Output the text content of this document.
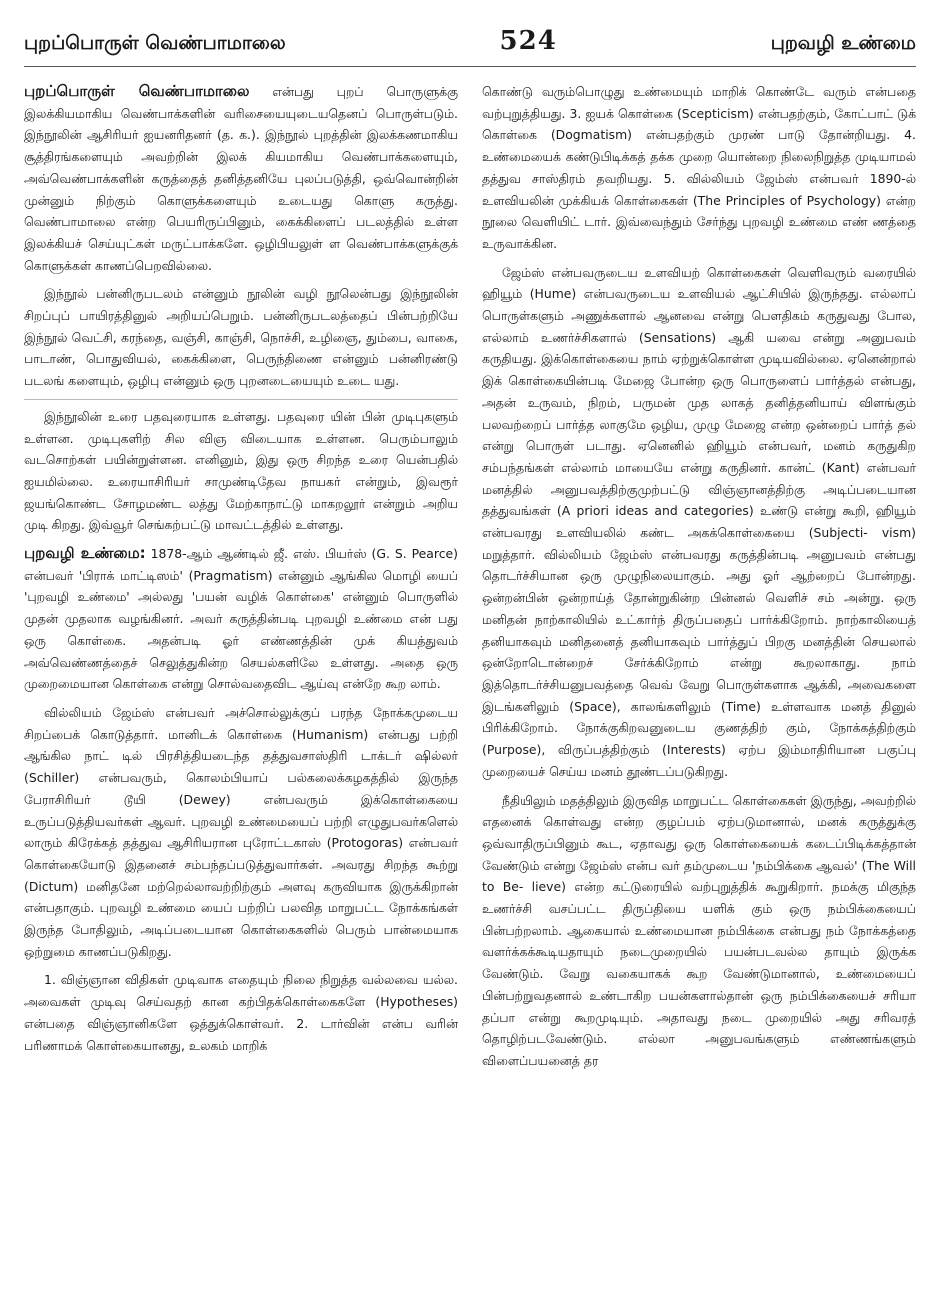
புறப்பொருள் வெண்பாமாலை	524	புறவழி உண்மை

புறப்பொருள் வெண்பாமாலை என்பது புறப் பொருளுக்கு இலக்கியமாகிய வெண்பாக்களின் வரிசையையுடையதெனப் பொருள்படும். இந்நூலின் ஆசிரியர் ஐயனரிதனர் (த. க.). இந்நூல் புறத்தின் இலக்கணமாகிய சூத்திரங்களையும் அவற்றின் இலக் கியமாகிய வெண்பாக்களையும், அவ்வெண்பாக்களின் கருத்தைத் தனித்தனியே புலப்படுத்தி, ஒவ்வொன்றின் முன்னும் நிற்கும் கொளுக்களையும் உடையது கொளு கருத்து. வெண்பாமாலை என்ற பெயரிருப்பினும், கைக்கிளைப் படலத்தில் உள்ள இலக்கியச் செய்யுட்கள் மருட்பாக்களே. ஒழிபியலுள் ள வெண்பாக்களுக்குக் கொளுக்கள் காணப்பெறவில்லை.

இந்நூல் பன்னிருபடலம் என்னும் நூலின் வழி நூலென்பது இந்நூலின் சிறப்புப் பாயிரத்தினுல் அறியப்பெறும். பன்னிருபடலத்தைப் பின்பற்றியே இந்நூல் வெட்சி, கரந்தை, வஞ்சி, காஞ்சி, நொச்சி, உழிஞை, தும்பை, வாகை, பாடாண், பொதுவியல், கைக்கிளை, பெருந்திணை என்னும் பன்னிரண்டு படலங் களையும், ஒழிபு என்னும் ஒரு புறனடையையும் உடை யது.

இந்நூலின் உரை பதவுரையாக உள்ளது. பதவுரை யின் பின் முடிபுகளும் உள்ளன. முடிபுகளிற் சில விஞ விடையாக உள்ளன. பெரும்பாலும் வடசொற்கள் பயின்றுள்ளன. எனினும், இது ஒரு சிறந்த உரை யென்பதில் ஐயமில்லை. உரையாசிரியர் சாமுண்டிதேவ நாயகர் என்றும், இவரூர் ஜயங்கொண்ட சோழமண்ட லத்து மேற்காநாட்டு மாகறலூர் என்றும் அறிய முடி கிறது. இவ்வூர் செங்கற்பட்டு மாவட்டத்தில் உள்ளது.

புறவழி உண்மை: 1878-ஆம் ஆண்டில் ஜீ. எஸ். பியர்ஸ் (G. S. Pearce) என்பவர் 'பிராக் மாட்டிஸம்' (Pragmatism) என்னும் ஆங்கில மொழி யைப் 'புறவழி உண்மை' அல்லது 'பயன் வழிக் கொள்கை' என்னும் பொருளில் முதன் முதலாக வழங்கினர். அவர் கருத்தின்படி புறவழி உண்மை என் பது ஒரு கொள்கை. அதன்படி ஓர் எண்ணத்தின் முக் கியத்துவம் அவ்வெண்ணத்தைச் செலுத்துகின்ற செயல்களிலே உள்ளது. அதை ஒரு முறைமையான கொள்கை என்று சொல்வதைவிட ஆய்வு என்றே கூற லாம்.

வில்லியம் ஜேம்ஸ் என்பவர் அச்சொல்லுக்குப் பரந்த நோக்கமுடைய சிறப்பைக் கொடுத்தார். மானிடக் கொள்கை (Humanism) என்பது பற்றி ஆங்கில நாட் டில் பிரசித்தியடைந்த தத்துவசாஸ்திரி டாக்டர் ஷில்லர் (Schiller) என்பவரும், கொலம்பியாப் பல்கலைக்கழகத்தில் இருந்த பேராசிரியர் டூயி (Dewey) என்பவரும் இக்கொள்கையை உருப்படுத்தியவர்கள் ஆவர். புறவழி உண்மையைப் பற்றி எழுதுபவர்களெல் லாரும் கிரேக்கத் தத்துவ ஆசிரியரான புரோட்டகாஸ் (Protogoras) என்பவர் கொள்கையோடு இதனைச் சம்பந்தப்படுத்துவார்கள். அவரது சிறந்த கூற்று (Dictum) மனிதனே மற்றெல்லாவற்றிற்கும் அளவு கருவியாக இருக்கிறான் என்பதாகும். புறவழி உண்மை யைப் பற்றிப் பலவித மாறுபட்ட நோக்கங்கள் இருந்த போதிலும், அடிப்படையான கொள்கைகளில் பெரும் பான்மையாக ஒற்றுமை காணப்படுகிறது.

1. விஞ்ஞான விதிகள் முடிவாக எதையும் நிலை நிறுத்த வல்லவை யல்ல. அவைகள் முடிவு செய்வதற் கான கற்பிதக்கொள்கைகளே (Hypotheses) என்பதை விஞ்ஞானிகளே ஒத்துக்கொள்வர். 2. டார்வின் என்ப வரின் பரிணாமக் கொள்கையானது, உலகம் மாறிக்

கொண்டு வரும்பொழுது உண்மையும் மாறிக் கொண்டே வரும் என்பதை வற்புறுத்தியது. 3. ஐயக் கொள்கை (Scepticism) என்பதற்கும், கோட்பாட் டுக் கொள்கை (Dogmatism) என்பதற்கும் முரண் பாடு தோன்றியது. 4. உண்மையைக் கண்டுபிடிக்கத் தக்க முறை யொன்றை நிலைநிறுத்த முடியாமல் தத்துவ சாஸ்திரம் தவறியது. 5. வில்லியம் ஜேம்ஸ் என்பவர் 1890-ல் உளவியலின் முக்கியக் கொள்கைகள் (The Principles of Psychology) என்ற நூலை வெளியிட் டார். இவ்வைந்தும் சேர்ந்து புறவழி உண்மை எண் ணத்தை உருவாக்கின.

ஜேம்ஸ் என்பவருடைய உளவியற் கொள்கைகள் வெளிவரும் வரையில் ஹியூம் (Hume) என்பவருடைய உளவியல் ஆட்சியில் இருந்தது. எல்லாப் பொருள்களும் அணுக்களால் ஆனவை என்று பௌதிகம் கருதுவது போல, எல்லாம் உணர்ச்சிகளால் (Sensations) ஆகி யவை என்று அனுபவம் கருதியது. இக்கொள்கையை நாம் ஏற்றுக்கொள்ள முடியவில்லை. ஏனென்றால் இக் கொள்கையின்படி மேஜை போன்ற ஒரு பொருளைப் பார்த்தல் என்பது, அதன் உருவம், நிறம், பருமன் முத லாகத் தனித்தனியாய் விளங்கும் பலவற்றைப் பார்த்த லாகுமே ஒழிய, முழு மேஜை என்ற ஒன்றைப் பார்த் தல் என்று பொருள் படாது. ஏனெனில் ஹியூம் என்பவர், மனம் கருதுகிற சம்பந்தங்கள் எல்லாம் மாயையே என்று கருதினர். கான்ட் (Kant) என்பவர் மனத்தில் அனுபவத்திற்குமுற்பட்டு விஞ்ஞானத்திற்கு அடிப்படையான தத்துவங்கள் (A priori ideas and categories) உண்டு என்று கூறி, ஹியூம் என்பவரது உளவியலில் கண்ட அகக்கொள்கையை (Subjecti- vism) மறுத்தார். வில்லியம் ஜேம்ஸ் என்பவரது கருத்தின்படி அனுபவம் என்பது தொடர்ச்சியான ஒரு முழுநிலையாகும். அது ஓர் ஆற்றைப் போன்றது. ஒன்றன்பின் ஒன்றாய்த் தோன்றுகின்ற பின்னல் வெளிச் சம் அன்று. ஒரு மனிதன் நாற்காலியில் உட்கார்ந் திருப்பதைப் பார்க்கிறோம். நாற்காலியைத் தனியாகவும் மனிதனைத் தனியாகவும் பார்த்துப் பிறகு மனத்தின் செயலால் ஒன்றோடொன்றைச் சேர்க்கிறோம் என்று கூறலாகாது. நாம் இத்தொடர்ச்சியனுபவத்தை வெவ் வேறு பொருள்களாக ஆக்கி, அவைகளை இடங்களிலும் (Space), காலங்களிலும் (Time) உள்ளவாக மனத் தினுல் பிரிக்கிறோம். நோக்குகிறவனுடைய குணத்திற் கும், நோக்கத்திற்கும் (Purpose), விருப்பத்திற்கும் (Interests) ஏற்ப இம்மாதிரியான பகுப்பு முறையைச் செய்ய மனம் தூண்டப்படுகிறது.

நீதியிலும் மதத்திலும் இருவித மாறுபட்ட கொள்கைகள் இருந்து, அவற்றில் எதனைக் கொள்வது என்ற குழப்பம் ஏற்படுமானால், மனக் கருத்துக்கு ஒவ்வாதிருப்பினும் கூட, ஏதாவது ஒரு கொள்கையைக் கடைப்பிடிக்கத்தான் வேண்டும் என்று ஜேம்ஸ் என்ப வர் தம்முடைய 'நம்பிக்கை ஆவல்' (The Will to Be- lieve) என்ற கட்டுரையில் வற்புறுத்திக் கூறுகிறார். நமக்கு மிகுந்த உணர்ச்சி வசப்பட்ட திருப்தியை யளிக் கும் ஒரு நம்பிக்கையைப் பின்பற்றலாம். ஆகையால் உண்மையான நம்பிக்கை என்பது நம் நோக்கத்தை வளர்க்கக்கூடியதாயும் நடைமுறையில் பயன்படவல்ல தாயும் இருக்க வேண்டும். வேறு வகையாகக் கூற வேண்டுமானால், உண்மையைப் பின்பற்றுவதனால் உண்டாகிற பயன்களால்தான் ஒரு நம்பிக்கையைச் சரியா தப்பா என்று கூறமுடியும். அதாவது நடை முறையில் அது சரிவரத் தொழிற்படவேண்டும். எல்லா அனுபவங்களும் எண்ணங்களும் விளைப்பயனைத் தர
